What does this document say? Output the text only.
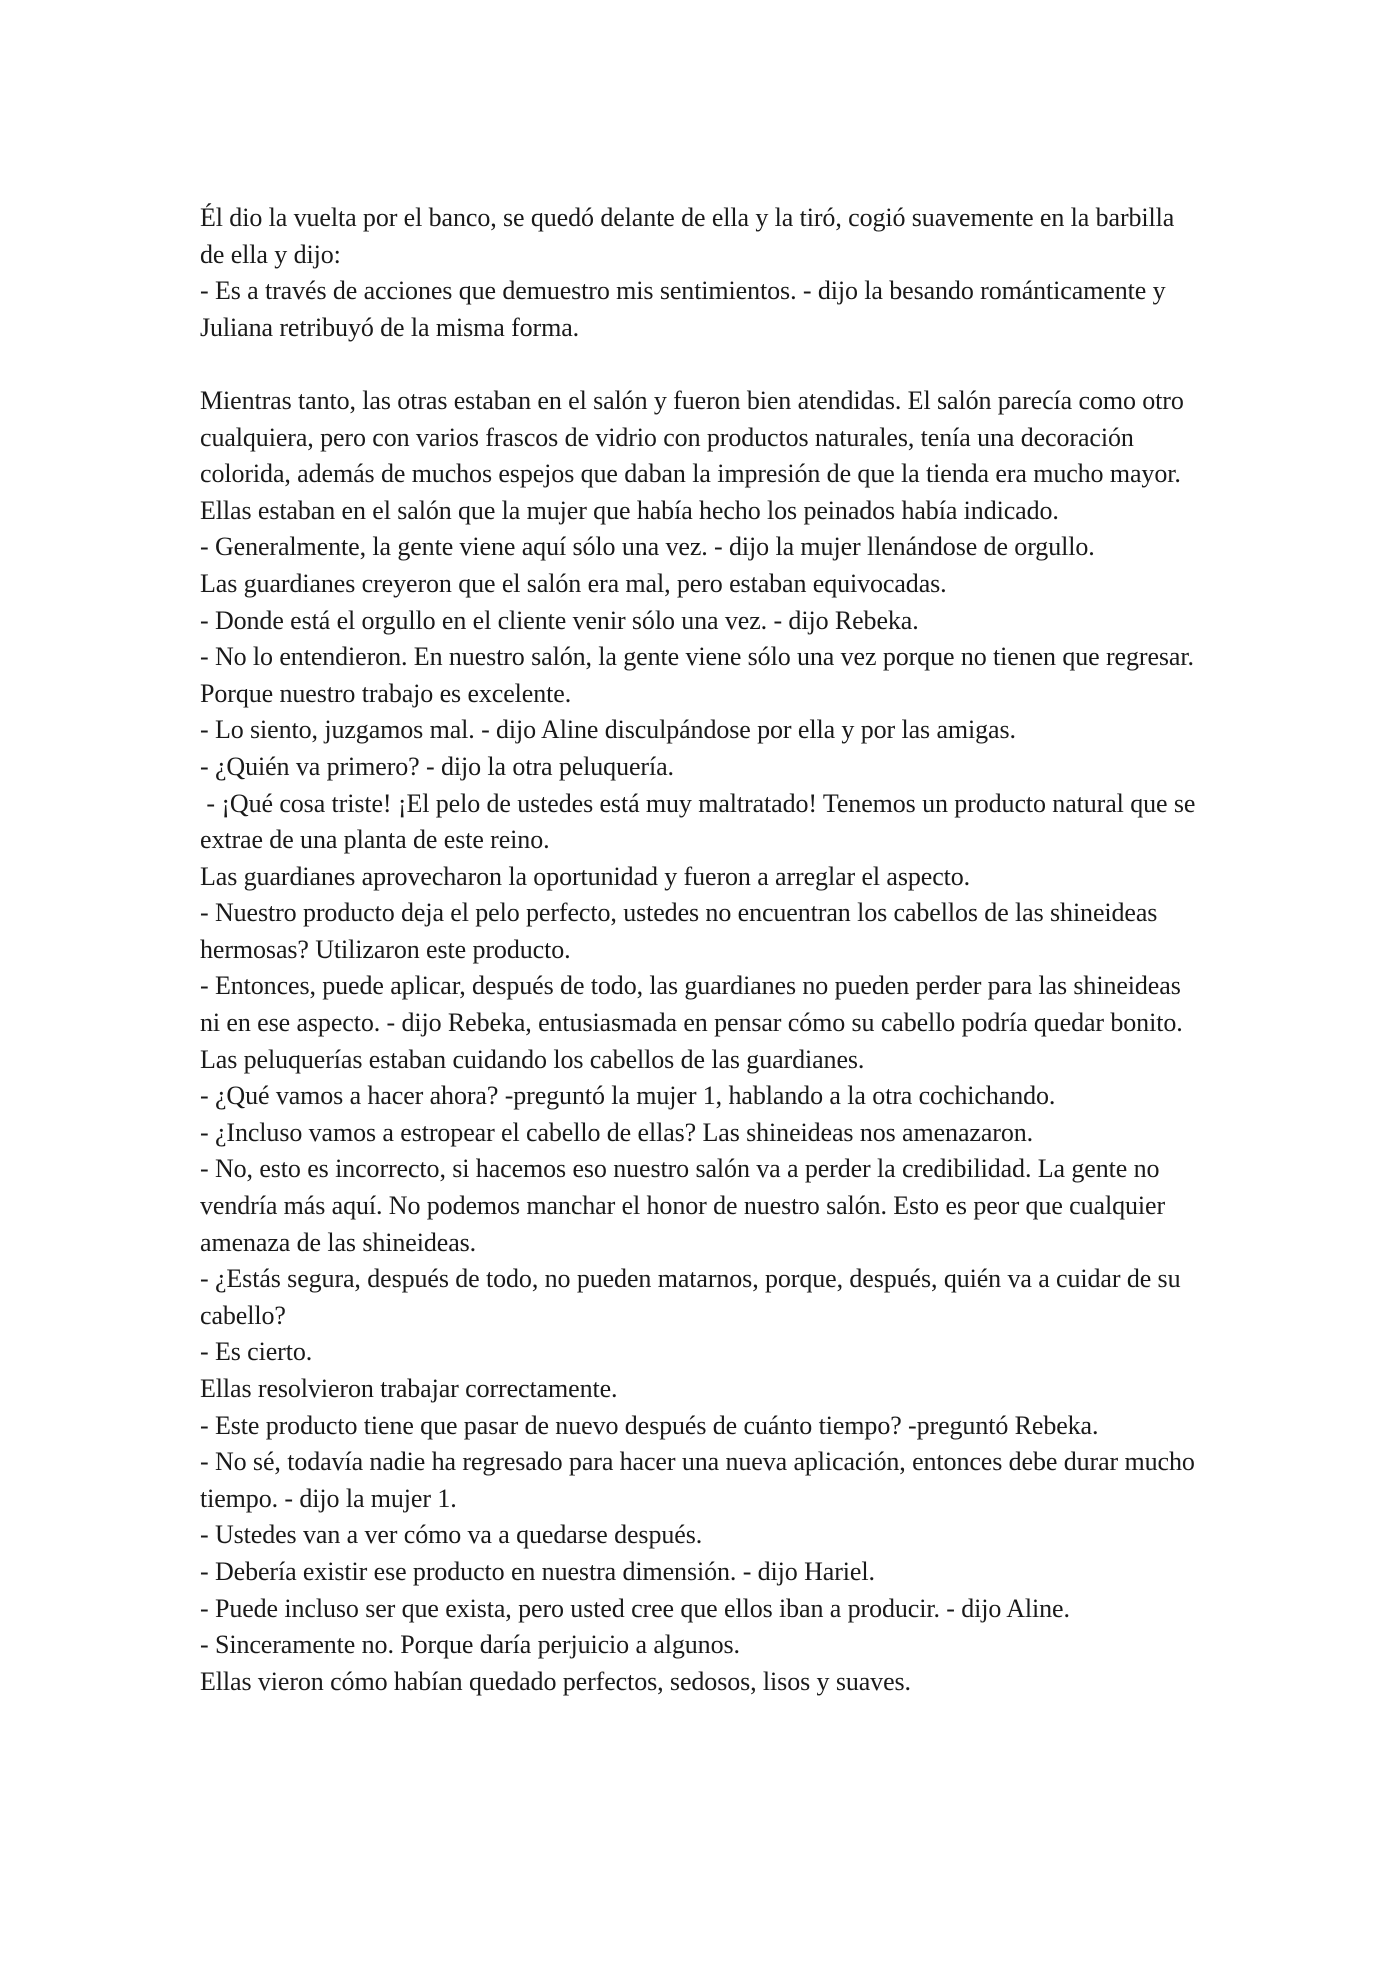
Él dio la vuelta por el banco, se quedó delante de ella y la tiró, cogió suavemente en la barbilla de ella y dijo:

- Es a través de acciones que demuestro mis sentimientos. - dijo la besando románticamente y Juliana retribuyó de la misma forma.

Mientras tanto, las otras estaban en el salón y fueron bien atendidas. El salón parecía como otro cualquiera, pero con varios frascos de vidrio con productos naturales, tenía una decoración colorida, además de muchos espejos que daban la impresión de que la tienda era mucho mayor. Ellas estaban en el salón que la mujer que había hecho los peinados había indicado.

- Generalmente, la gente viene aquí sólo una vez. - dijo la mujer llenándose de orgullo.

Las guardianes creyeron que el salón era mal, pero estaban equivocadas.

- Donde está el orgullo en el cliente venir sólo una vez. - dijo Rebeka.

- No lo entendieron. En nuestro salón, la gente viene sólo una vez porque no tienen que regresar. Porque nuestro trabajo es excelente.

- Lo siento, juzgamos mal. - dijo Aline disculpándose por ella y por las amigas.

- ¿Quién va primero? - dijo la otra peluquería.

- ¡Qué cosa triste! ¡El pelo de ustedes está muy maltratado! Tenemos un producto natural que se extrae de una planta de este reino.

Las guardianes aprovecharon la oportunidad y fueron a arreglar el aspecto.

- Nuestro producto deja el pelo perfecto, ustedes no encuentran los cabellos de las shineideas hermosas? Utilizaron este producto.

- Entonces, puede aplicar, después de todo, las guardianes no pueden perder para las shineideas ni en ese aspecto. - dijo Rebeka, entusiasmada en pensar cómo su cabello podría quedar bonito.

Las peluquerías estaban cuidando los cabellos de las guardianes.

- ¿Qué vamos a hacer ahora? -preguntó la mujer 1, hablando a la otra cochichando.

- ¿Incluso vamos a estropear el cabello de ellas? Las shineideas nos amenazaron.

- No, esto es incorrecto, si hacemos eso nuestro salón va a perder la credibilidad. La gente no vendría más aquí. No podemos manchar el honor de nuestro salón. Esto es peor que cualquier amenaza de las shineideas.

- ¿Estás segura, después de todo, no pueden matarnos, porque, después, quién va a cuidar de su cabello?

- Es cierto.

Ellas resolvieron trabajar correctamente.

- Este producto tiene que pasar de nuevo después de cuánto tiempo? -preguntó Rebeka.

- No sé, todavía nadie ha regresado para hacer una nueva aplicación, entonces debe durar mucho tiempo. - dijo la mujer 1.

- Ustedes van a ver cómo va a quedarse después.

- Debería existir ese producto en nuestra dimensión. - dijo Hariel.

- Puede incluso ser que exista, pero usted cree que ellos iban a producir. - dijo Aline.

- Sinceramente no. Porque daría perjuicio a algunos.

Ellas vieron cómo habían quedado perfectos, sedosos, lisos y suaves.
